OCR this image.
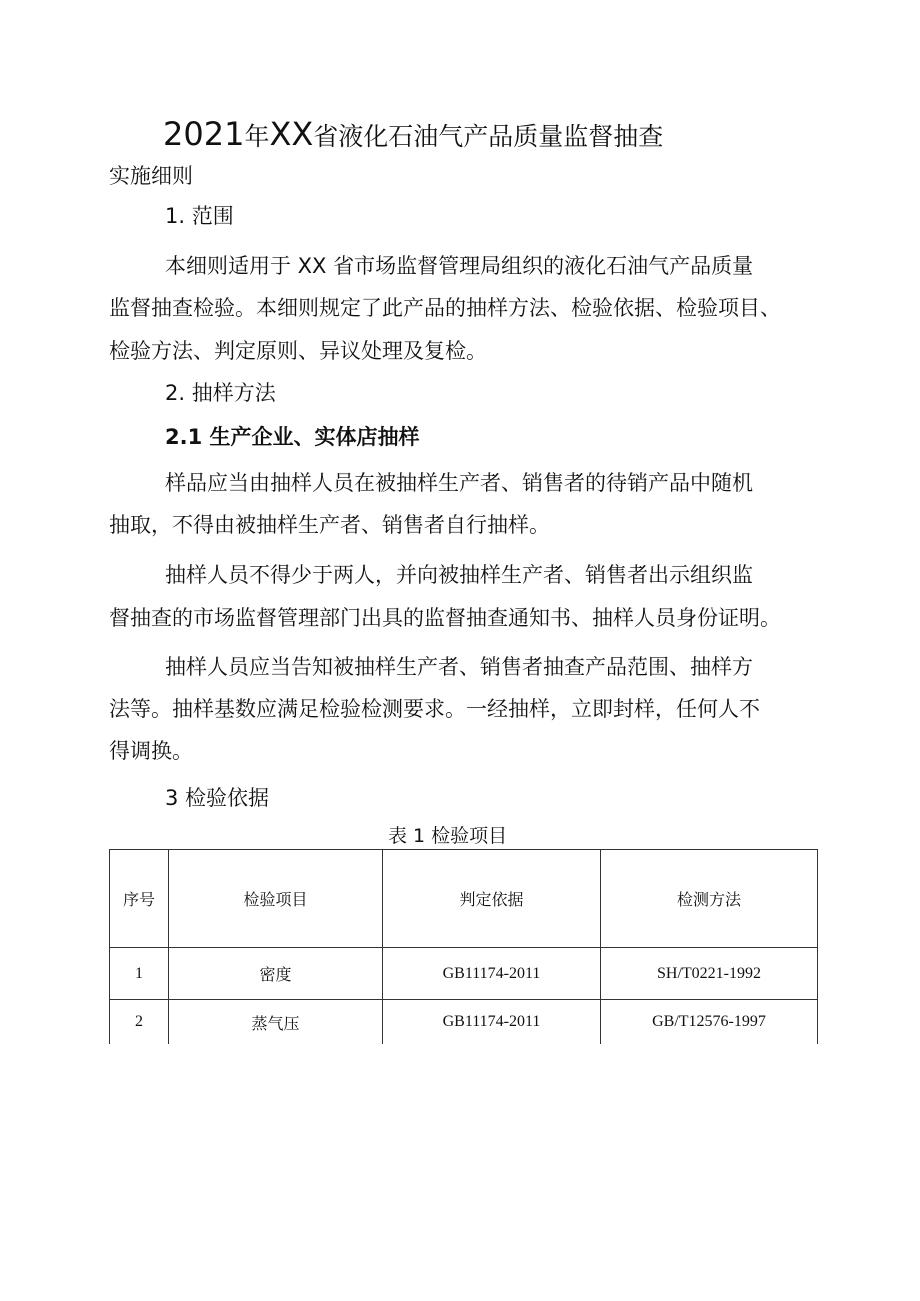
2021年XX省液化石油气产品质量监督抽查
实施细则
1. 范围
本细则适用于 XX 省市场监督管理局组织的液化石油气产品质量
监督抽查检验。本细则规定了此产品的抽样方法、检验依据、检验项目、
检验方法、判定原则、异议处理及复检。
2. 抽样方法
2.1 生产企业、实体店抽样
样品应当由抽样人员在被抽样生产者、销售者的待销产品中随机
抽取，不得由被抽样生产者、销售者自行抽样。
抽样人员不得少于两人，并向被抽样生产者、销售者出示组织监
督抽查的市场监督管理部门出具的监督抽查通知书、抽样人员身份证明。
抽样人员应当告知被抽样生产者、销售者抽查产品范围、抽样方
法等。抽样基数应满足检验检测要求。一经抽样，立即封样，任何人不
得调换。
3 检验依据
表 1 检验项目
序号	检验项目	判定依据	检测方法
1	密度	GB11174-2011	SH/T0221-1992
2	蒸气压	GB11174-2011	GB/T12576-1997
